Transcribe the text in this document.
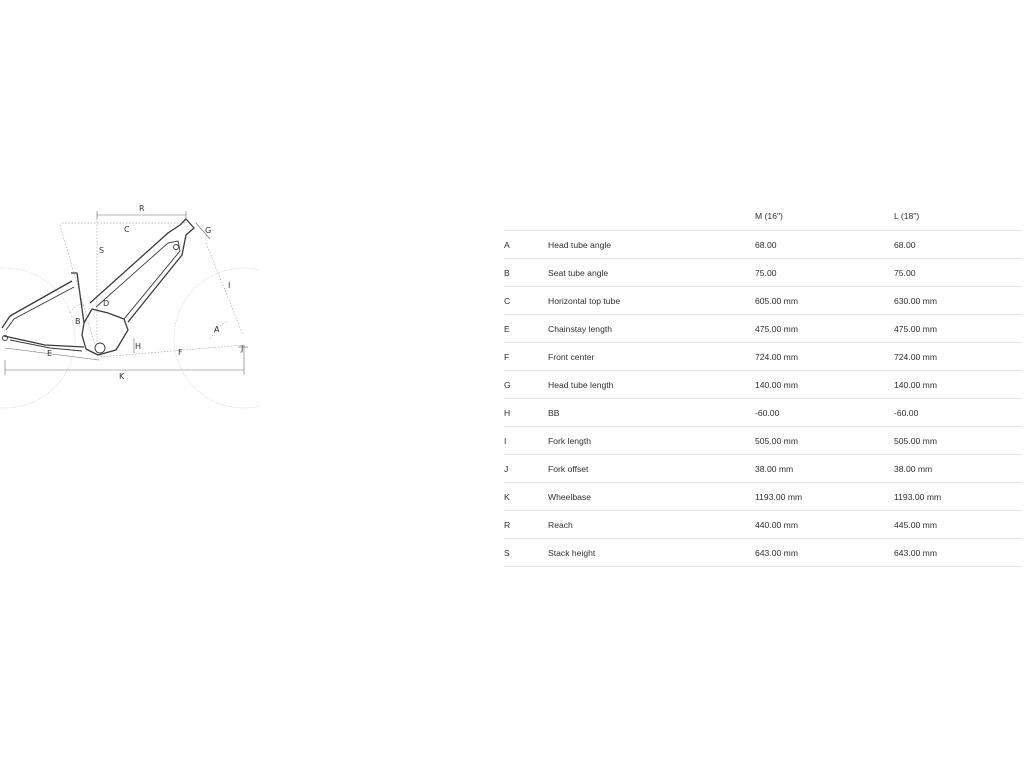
R
C
S
G
I
D
B
H
A
E	F	J
K
		M (16")	L (18")
A	Head tube angle	68.00	68.00
B	Seat tube angle	75.00	75.00
C	Horizontal top tube	605.00 mm	630.00 mm
E	Chainstay length	475.00 mm	475.00 mm
F	Front center	724.00 mm	724.00 mm
G	Head tube length	140.00 mm	140.00 mm
H	BB	-60.00	-60.00
I	Fork length	505.00 mm	505.00 mm
J	Fork offset	38.00 mm	38.00 mm
K	Wheelbase	1193.00 mm	1193.00 mm
R	Reach	440.00 mm	445.00 mm
S	Stack height	643.00 mm	643.00 mm
